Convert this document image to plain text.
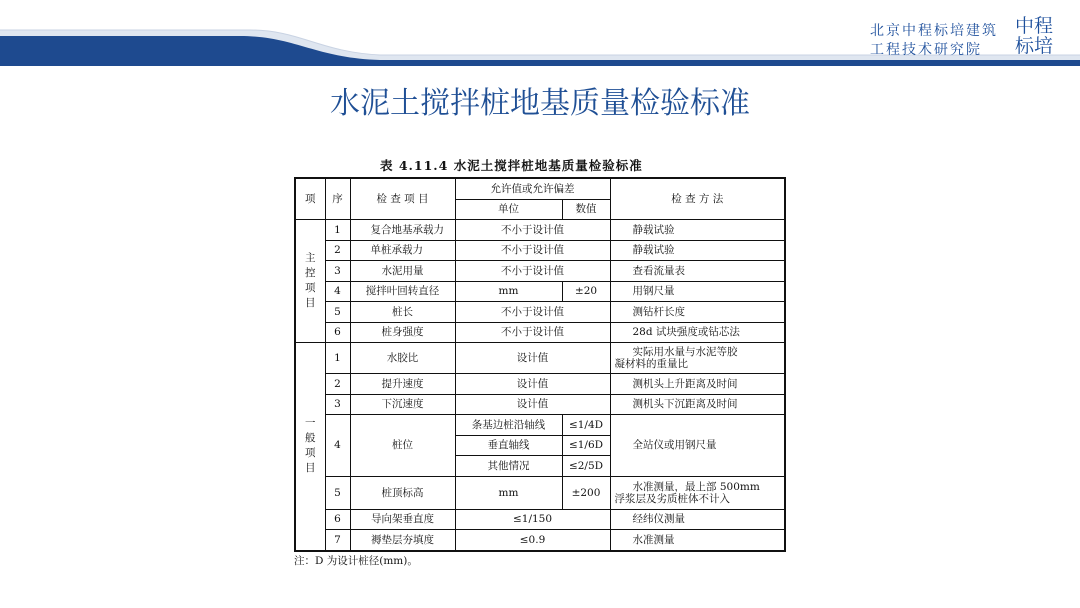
北京中程标培建筑
工程技术研究院
中程
标培
水泥土搅拌桩地基质量检验标准
表 4.11.4 水泥土搅拌桩地基质量检验标准
项	序	检 查 项 目	允许值或允许偏差		检 查 方 法
			单位	数值	
主控项目	1	复合地基承载力	不小于设计值		静载试验
	2	单桩承载力	不小于设计值		静载试验
	3	水泥用量	不小于设计值		查看流量表
	4	搅拌叶回转直径	mm	±20	用钢尺量
	5	桩长	不小于设计值		测钻杆长度
	6	桩身强度	不小于设计值		28d 试块强度或钻芯法
一般项目	1	水胶比	设计值		实际用水量与水泥等胶
凝材料的重量比

	2	提升速度	设计值		测机头上升距离及时间
	3	下沉速度	设计值		测机头下沉距离及时间
	4	桩位	条基边桩沿轴线	≤1/4D	全站仪或用钢尺量
			垂直轴线	≤1/6D	
			其他情况	≤2/5D	
	5	桩顶标高	mm	±200	水准测量，最上部 500mm
浮浆层及劣质桩体不计入

	6	导向架垂直度	≤1/150		经纬仪测量
	7	褥垫层夯填度	≤0.9		水准测量
注：D 为设计桩径(mm)。
